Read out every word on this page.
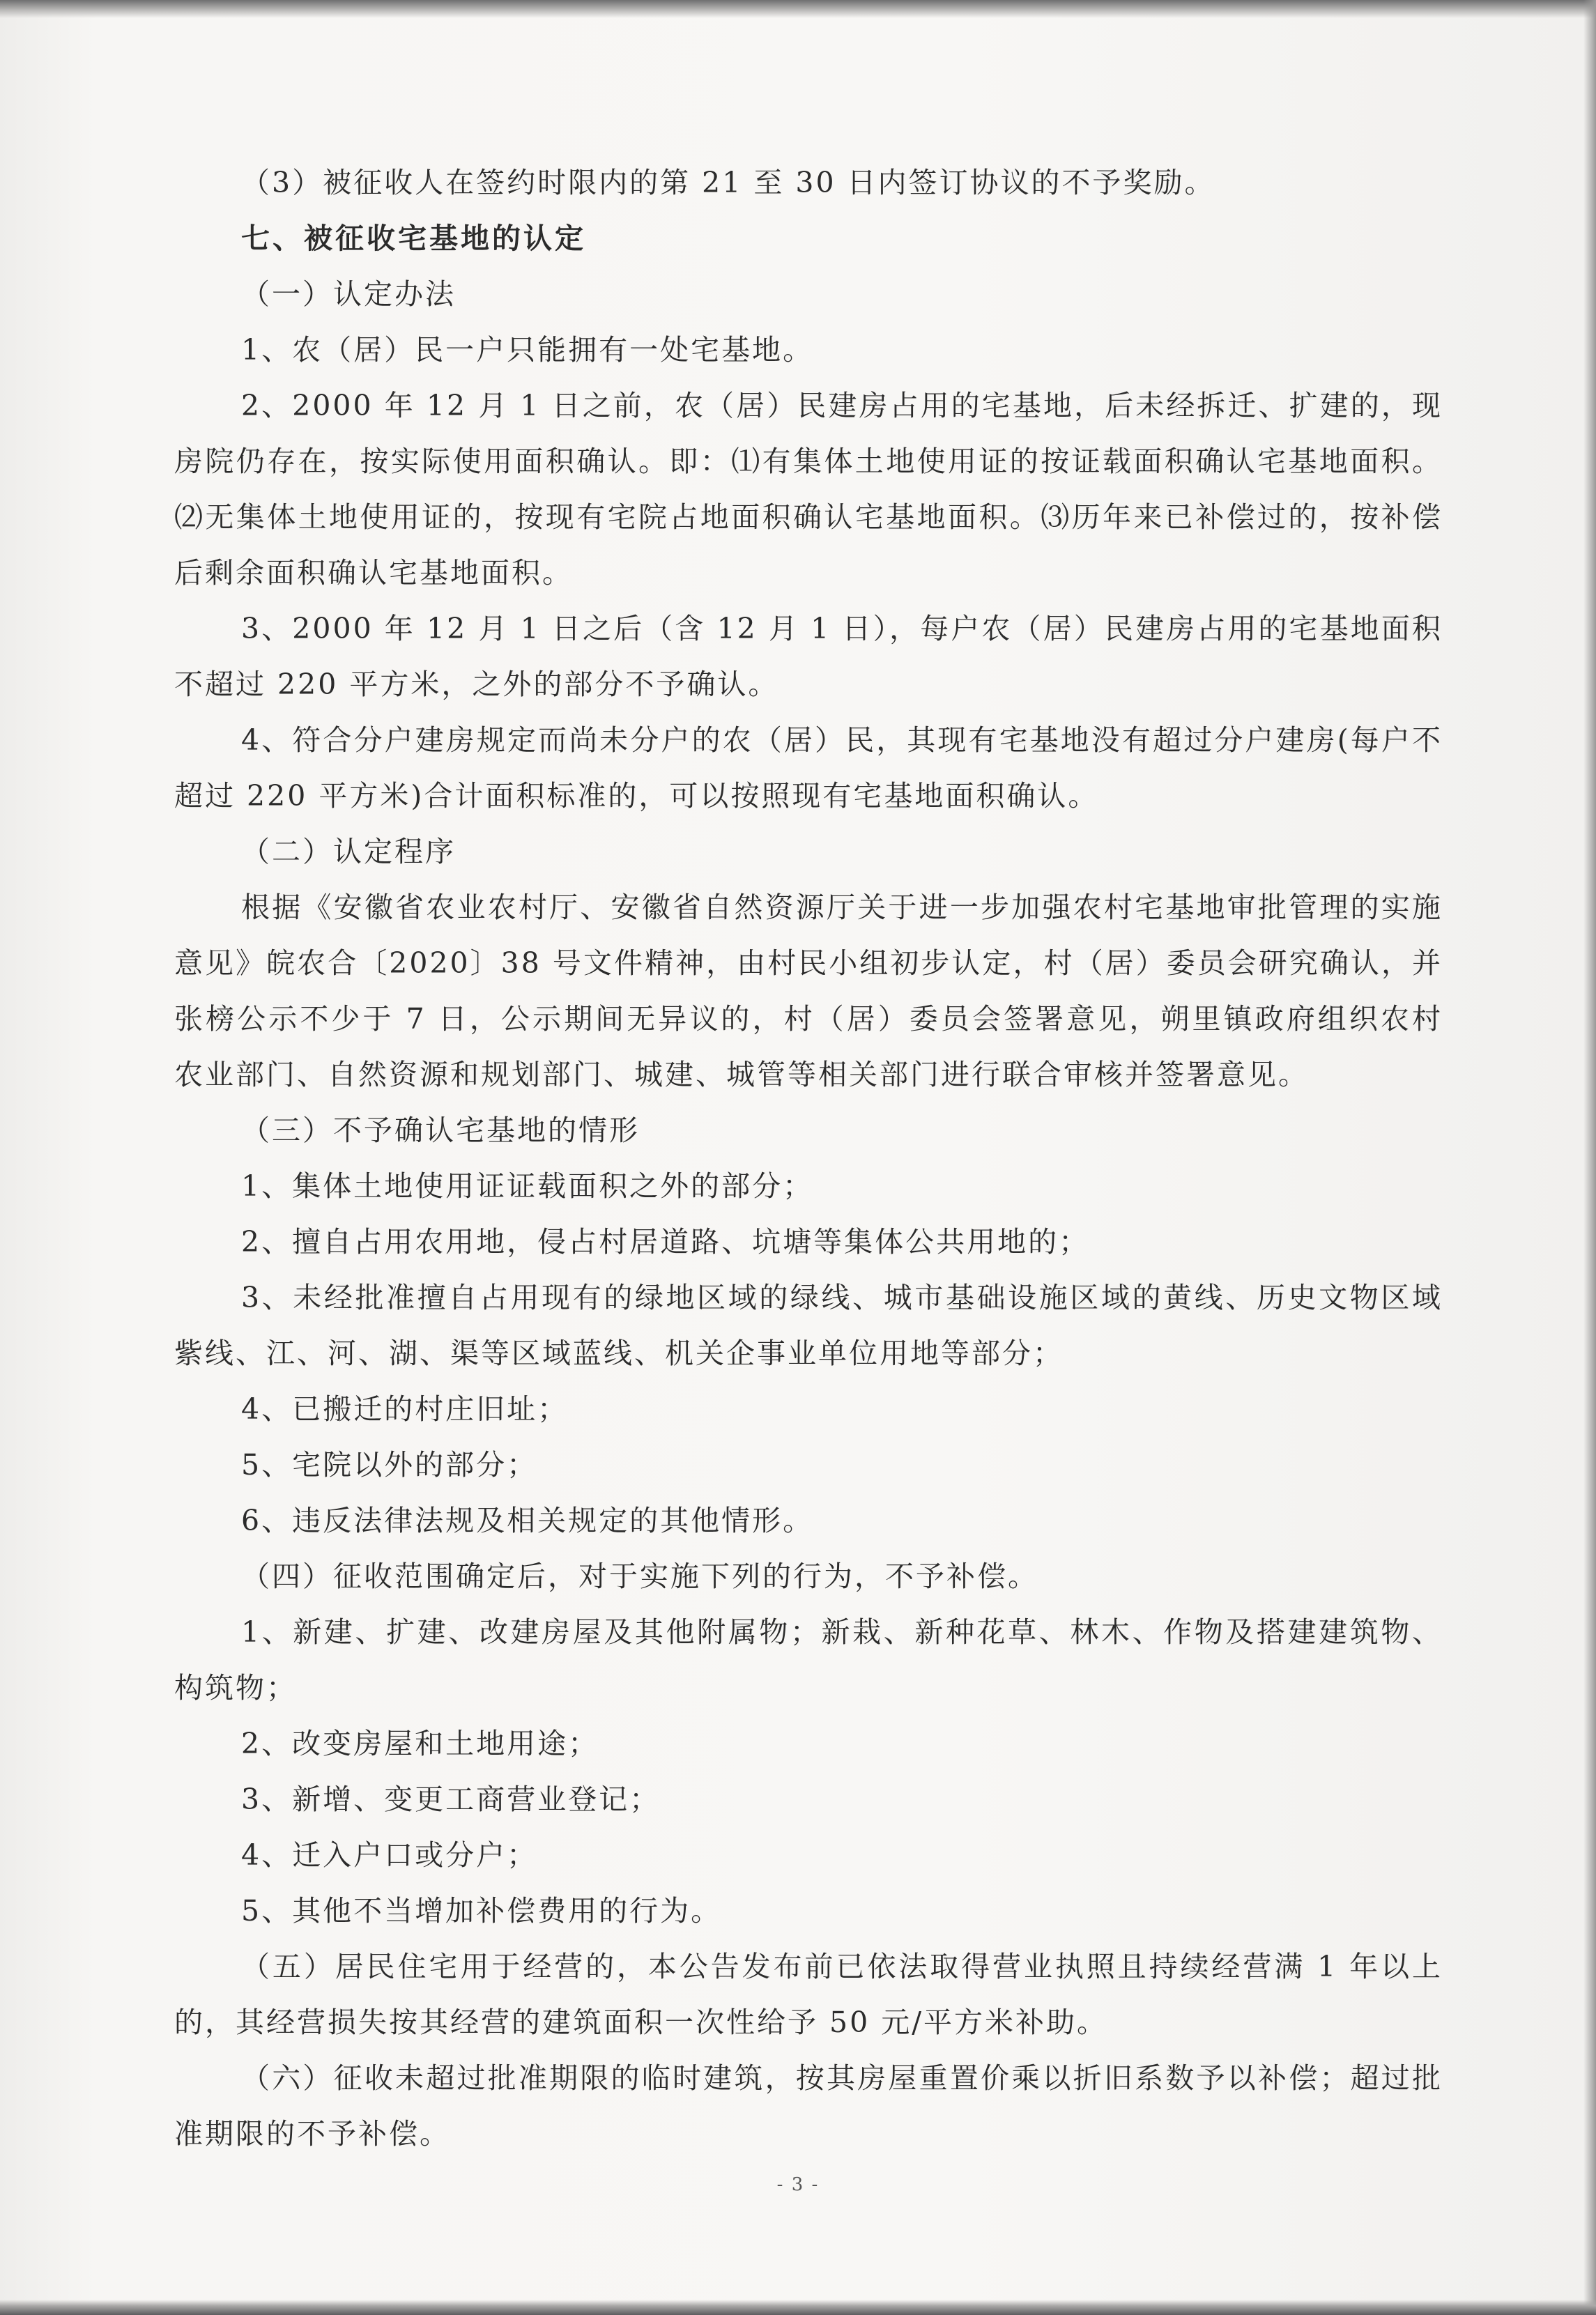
（3）被征收人在签约时限内的第 21 至 30 日内签订协议的不予奖励。

七、被征收宅基地的认定

（一）认定办法

1、农（居）民一户只能拥有一处宅基地。

2、2000 年 12 月 1 日之前，农（居）民建房占用的宅基地，后未经拆迁、扩建的，现房院仍存在，按实际使用面积确认。即：⑴有集体土地使用证的按证载面积确认宅基地面积。⑵无集体土地使用证的，按现有宅院占地面积确认宅基地面积。⑶历年来已补偿过的，按补偿后剩余面积确认宅基地面积。

3、2000 年 12 月 1 日之后（含 12 月 1 日），每户农（居）民建房占用的宅基地面积不超过 220 平方米，之外的部分不予确认。

4、符合分户建房规定而尚未分户的农（居）民，其现有宅基地没有超过分户建房(每户不超过 220 平方米)合计面积标准的，可以按照现有宅基地面积确认。

（二）认定程序

根据《安徽省农业农村厅、安徽省自然资源厅关于进一步加强农村宅基地审批管理的实施意见》皖农合〔2020〕38 号文件精神，由村民小组初步认定，村（居）委员会研究确认，并张榜公示不少于 7 日，公示期间无异议的，村（居）委员会签署意见，朔里镇政府组织农村农业部门、自然资源和规划部门、城建、城管等相关部门进行联合审核并签署意见。

（三）不予确认宅基地的情形

1、集体土地使用证证载面积之外的部分；

2、擅自占用农用地，侵占村居道路、坑塘等集体公共用地的；

3、未经批准擅自占用现有的绿地区域的绿线、城市基础设施区域的黄线、历史文物区域紫线、江、河、湖、渠等区域蓝线、机关企事业单位用地等部分；

4、已搬迁的村庄旧址；

5、宅院以外的部分；

6、违反法律法规及相关规定的其他情形。

（四）征收范围确定后，对于实施下列的行为，不予补偿。

1、新建、扩建、改建房屋及其他附属物；新栽、新种花草、林木、作物及搭建建筑物、构筑物；

2、改变房屋和土地用途；

3、新增、变更工商营业登记；

4、迁入户口或分户；

5、其他不当增加补偿费用的行为。

（五）居民住宅用于经营的，本公告发布前已依法取得营业执照且持续经营满 1 年以上的，其经营损失按其经营的建筑面积一次性给予 50 元/平方米补助。

（六）征收未超过批准期限的临时建筑，按其房屋重置价乘以折旧系数予以补偿；超过批准期限的不予补偿。

- 3 -
